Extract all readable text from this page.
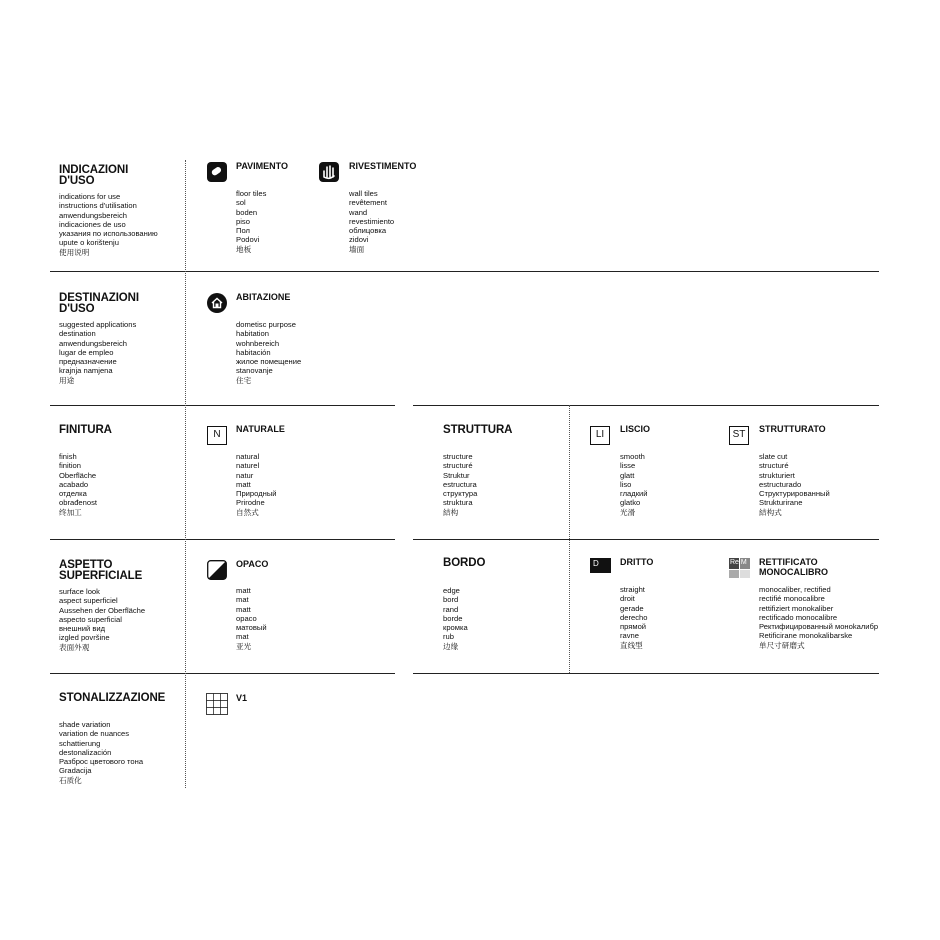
INDICAZIONI
D'USO
indications for use
instructions d'utilisation
anwendungsbereich
indicaciones de uso
указания по использованию
upute o korištenju
使用说明
PAVIMENTO
floor tiles
sol
boden
piso
Пол
Podovi
地板
RIVESTIMENTO
wall tiles
revêtement
wand
revestimiento
облицовка
zidovi
墙面
DESTINAZIONI
D'USO
suggested applications
destination
anwendungsbereich
lugar de empleo
предназначение
krajnja namjena
用途
ABITAZIONE
dometisc purpose
habitation
wohnbereich
habitación
жилое помещение
stanovanje
住宅
FINITURA
finish
finition
Oberfläche
acabado
отделка
obrađenost
终加工
N	NATURALE
natural
naturel
natur
matt
Природный
Prirodne
自然式
STRUTTURA
structure
structuré
Struktur
estructura
структура
struktura
結构
LI	LISCIO
smooth
lisse
glatt
liso
гладкий
glatko
光滑
ST	STRUTTURATO
slate cut
structuré
strukturiert
estructurado
Структурированный
Strukturirane
結构式
ASPETTO
SUPERFICIALE
surface look
aspect superficiel
Aussehen der Oberfläche
aspecto superficial
внешний вид
izgled površine
表面外观
OPACO
matt
mat
matt
opaco
матовый
mat
亚光
BORDO
edge
bord
rand
borde
кромка
rub
边缘
D DRITTO
straight
droit
gerade
derecho
прямой
ravne
直线型
Re M RETTIFICATO
MONOCALIBRO
monocaliber, rectified
rectifié monocalibre
rettifiziert monokaliber
rectificado monocalibre
Ректифицированный моноkалибр
Retificirane monokalibarske
单尺寸研磨式
STONALIZZAZIONE
shade variation
variation de nuances
schattierung
destonalización
Разброс цветового тона
Gradacija
石质化
V1
